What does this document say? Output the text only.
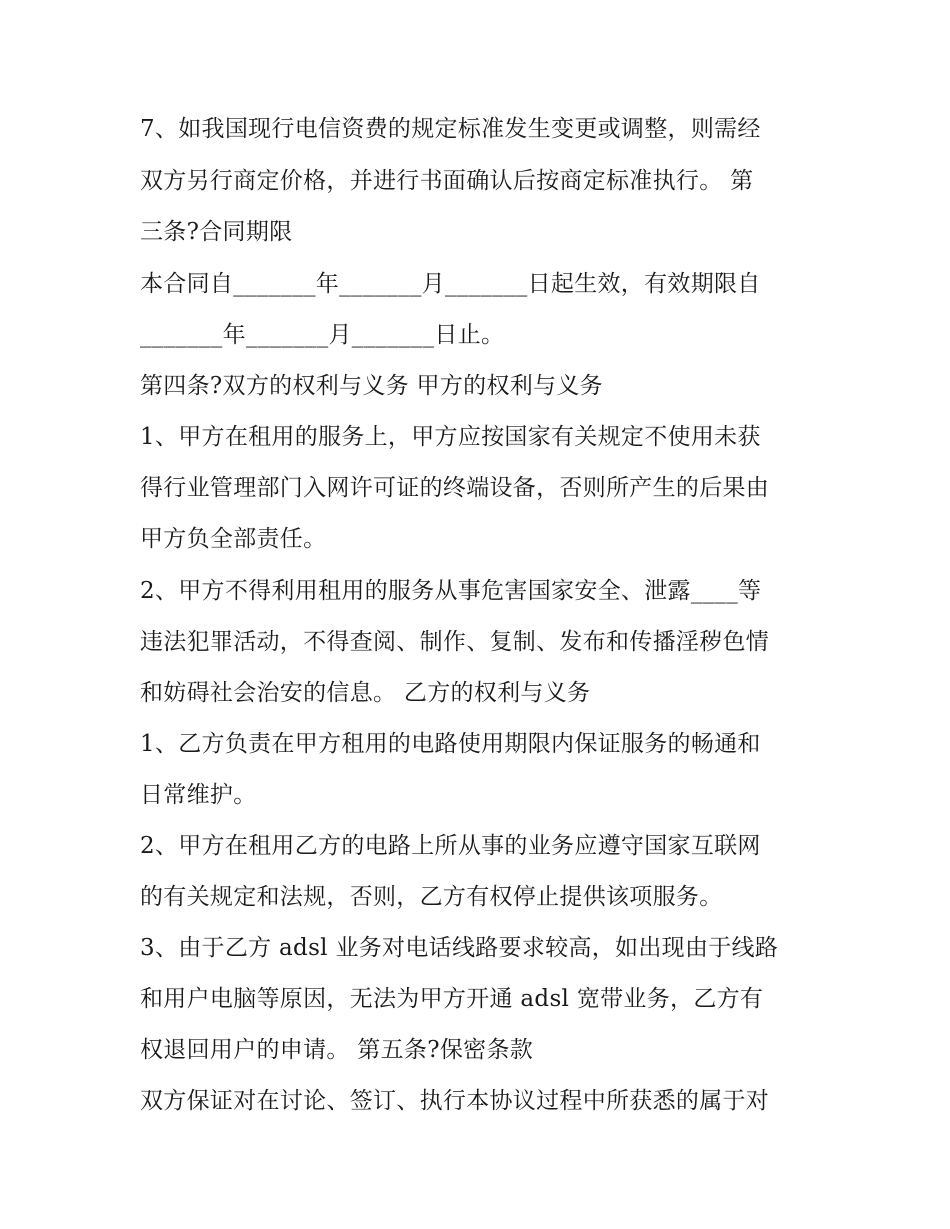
7、如我国现行电信资费的规定标准发生变更或调整，则需经
双方另行商定价格，并进行书面确认后按商定标准执行。 第
三条?合同期限
本合同自_______年_______月_______日起生效，有效期限自
_______年_______月_______日止。
第四条?双方的权利与义务 甲方的权利与义务
1、甲方在租用的服务上，甲方应按国家有关规定不使用未获
得行业管理部门入网许可证的终端设备，否则所产生的后果由
甲方负全部责任。
2、甲方不得利用租用的服务从事危害国家安全、泄露____等
违法犯罪活动，不得查阅、制作、复制、发布和传播淫秽色情
和妨碍社会治安的信息。 乙方的权利与义务
1、乙方负责在甲方租用的电路使用期限内保证服务的畅通和
日常维护。
2、甲方在租用乙方的电路上所从事的业务应遵守国家互联网
的有关规定和法规，否则，乙方有权停止提供该项服务。
3、由于乙方 adsl 业务对电话线路要求较高，如出现由于线路
和用户电脑等原因，无法为甲方开通 adsl 宽带业务，乙方有
权退回用户的申请。 第五条?保密条款
双方保证对在讨论、签订、执行本协议过程中所获悉的属于对
